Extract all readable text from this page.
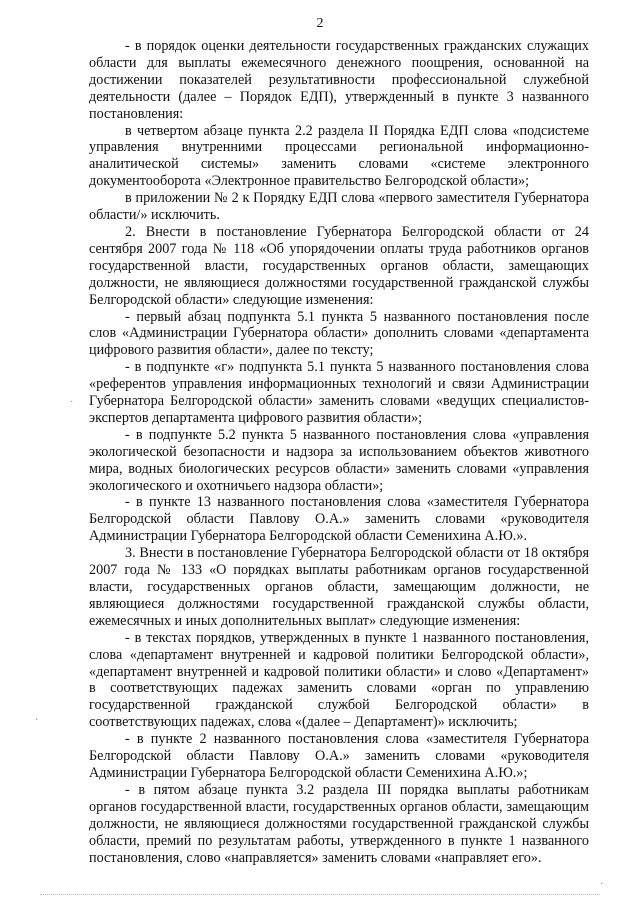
2

- в порядок оценки деятельности государственных гражданских служащих области для выплаты ежемесячного денежного поощрения, основанной на достижении показателей результативности профессиональной служебной деятельности (далее – Порядок ЕДП), утвержденный в пункте 3 названного постановления:

в четвертом абзаце пункта 2.2 раздела II Порядка ЕДП слова «подсистеме управления внутренними процессами региональной информационно-аналитической системы» заменить словами «системе электронного документооборота «Электронное правительство Белгородской области»;

в приложении № 2 к Порядку ЕДП слова «первого заместителя Губернатора области/» исключить.

2. Внести в постановление Губернатора Белгородской области от 24 сентября 2007 года № 118 «Об упорядочении оплаты труда работников органов государственной власти, государственных органов области, замещающих должности, не являющиеся должностями государственной гражданской службы Белгородской области» следующие изменения:

- первый абзац подпункта 5.1 пункта 5 названного постановления после слов «Администрации Губернатора области» дополнить словами «департамента цифрового развития области», далее по тексту;

- в подпункте «г» подпункта 5.1 пункта 5 названного постановления слова «референтов управления информационных технологий и связи Администрации Губернатора Белгородской области» заменить словами «ведущих специалистов-экспертов департамента цифрового развития области»;

- в подпункте 5.2 пункта 5 названного постановления слова «управления экологической безопасности и надзора за использованием объектов животного мира, водных биологических ресурсов области» заменить словами «управления экологического и охотничьего надзора области»;

- в пункте 13 названного постановления слова «заместителя Губернатора Белгородской области Павлову О.А.» заменить словами «руководителя Администрации Губернатора Белгородской области Семенихина А.Ю.».

3. Внести в постановление Губернатора Белгородской области от 18 октября 2007 года № 133 «О порядках выплаты работникам органов государственной власти, государственных органов области, замещающим должности, не являющиеся должностями государственной гражданской службы области, ежемесячных и иных дополнительных выплат» следующие изменения:

- в текстах порядков, утвержденных в пункте 1 названного постановления, слова «департамент внутренней и кадровой политики Белгородской области», «департамент внутренней и кадровой политики области» и слово «Департамент» в соответствующих падежах заменить словами «орган по управлению государственной гражданской службой Белгородской области» в соответствующих падежах, слова «(далее – Департамент)» исключить;

- в пункте 2 названного постановления слова «заместителя Губернатора Белгородской области Павлову О.А.» заменить словами «руководителя Администрации Губернатора Белгородской области Семенихина А.Ю.»;

- в пятом абзаце пункта 3.2 раздела III порядка выплаты работникам органов государственной власти, государственных органов области, замещающим должности, не являющиеся должностями государственной гражданской службы области, премий по результатам работы, утвержденного в пункте 1 названного постановления, слово «направляется» заменить словами «направляет его».

·
·
·
